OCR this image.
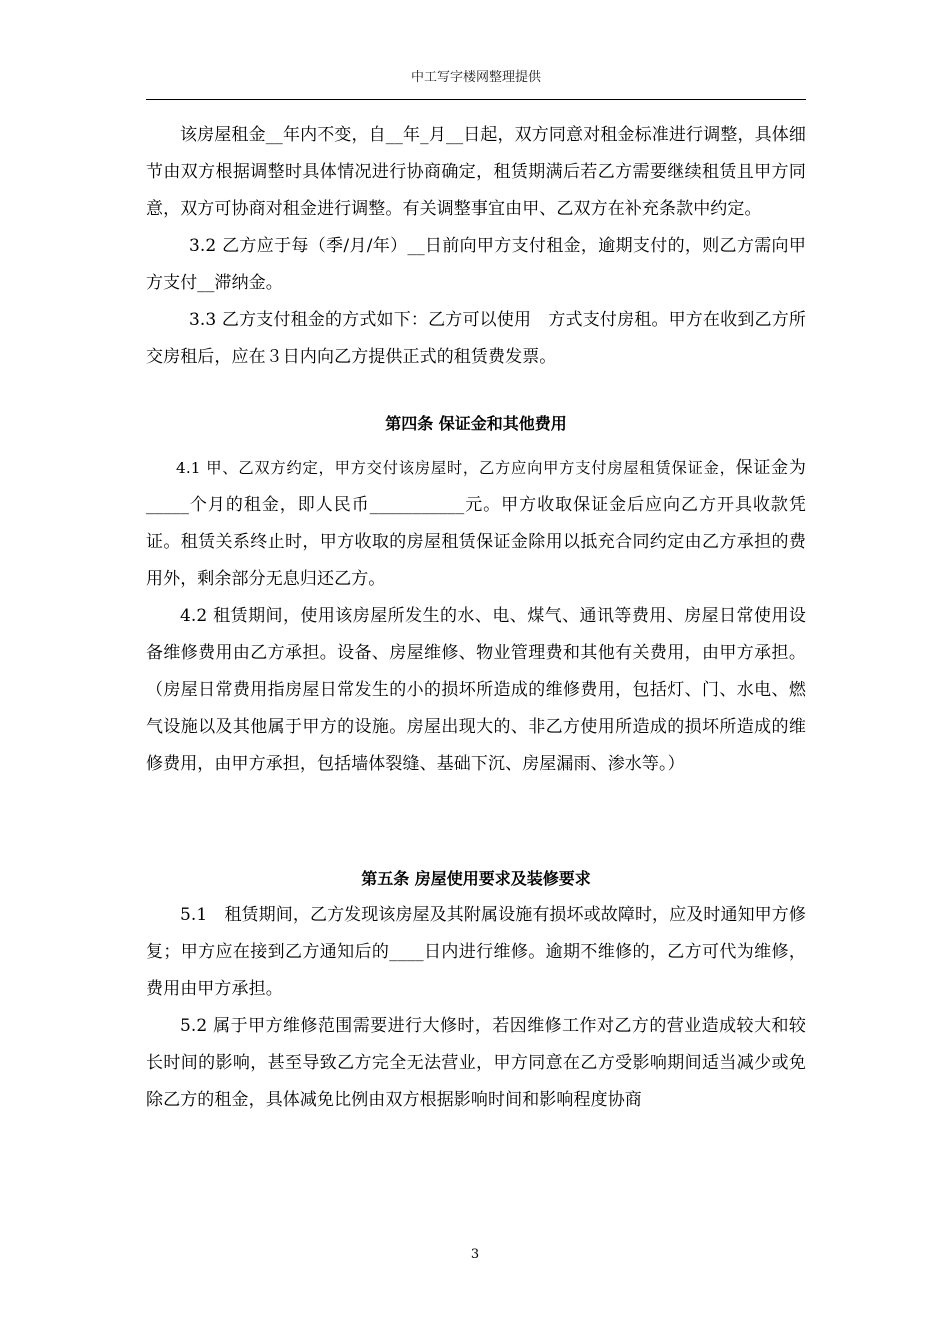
中工写字楼网整理提供

该房屋租金__年内不变，自__年_月__日起，双方同意对租金标准进行调整，具体细节由双方根据调整时具体情况进行协商确定，租赁期满后若乙方需要继续租赁且甲方同意，双方可协商对租金进行调整。有关调整事宜由甲、乙双方在补充条款中约定。

3.2 乙方应于每（季/月/年）__日前向甲方支付租金，逾期支付的，则乙方需向甲方支付__滞纳金。

3.3 乙方支付租金的方式如下：乙方可以使用　方式支付房租。甲方在收到乙方所交房租后，应在３日内向乙方提供正式的租赁费发票。

第四条 保证金和其他费用

4.1 甲、乙双方约定，甲方交付该房屋时，乙方应向甲方支付房屋租赁保证金，保证金为_____个月的租金，即人民币___________元。甲方收取保证金后应向乙方开具收款凭证。租赁关系终止时，甲方收取的房屋租赁保证金除用以抵充合同约定由乙方承担的费用外，剩余部分无息归还乙方。

4.2 租赁期间，使用该房屋所发生的水、电、煤气、通讯等费用、房屋日常使用设备维修费用由乙方承担。设备、房屋维修、物业管理费和其他有关费用，由甲方承担。（房屋日常费用指房屋日常发生的小的损坏所造成的维修费用，包括灯、门、水电、燃气设施以及其他属于甲方的设施。房屋出现大的、非乙方使用所造成的损坏所造成的维修费用，由甲方承担，包括墙体裂缝、基础下沉、房屋漏雨、渗水等。）

第五条 房屋使用要求及装修要求

5.1　租赁期间，乙方发现该房屋及其附属设施有损坏或故障时，应及时通知甲方修复；甲方应在接到乙方通知后的____日内进行维修。逾期不维修的，乙方可代为维修，费用由甲方承担。

5.2 属于甲方维修范围需要进行大修时，若因维修工作对乙方的营业造成较大和较长时间的影响，甚至导致乙方完全无法营业，甲方同意在乙方受影响期间适当减少或免除乙方的租金，具体减免比例由双方根据影响时间和影响程度协商

3
